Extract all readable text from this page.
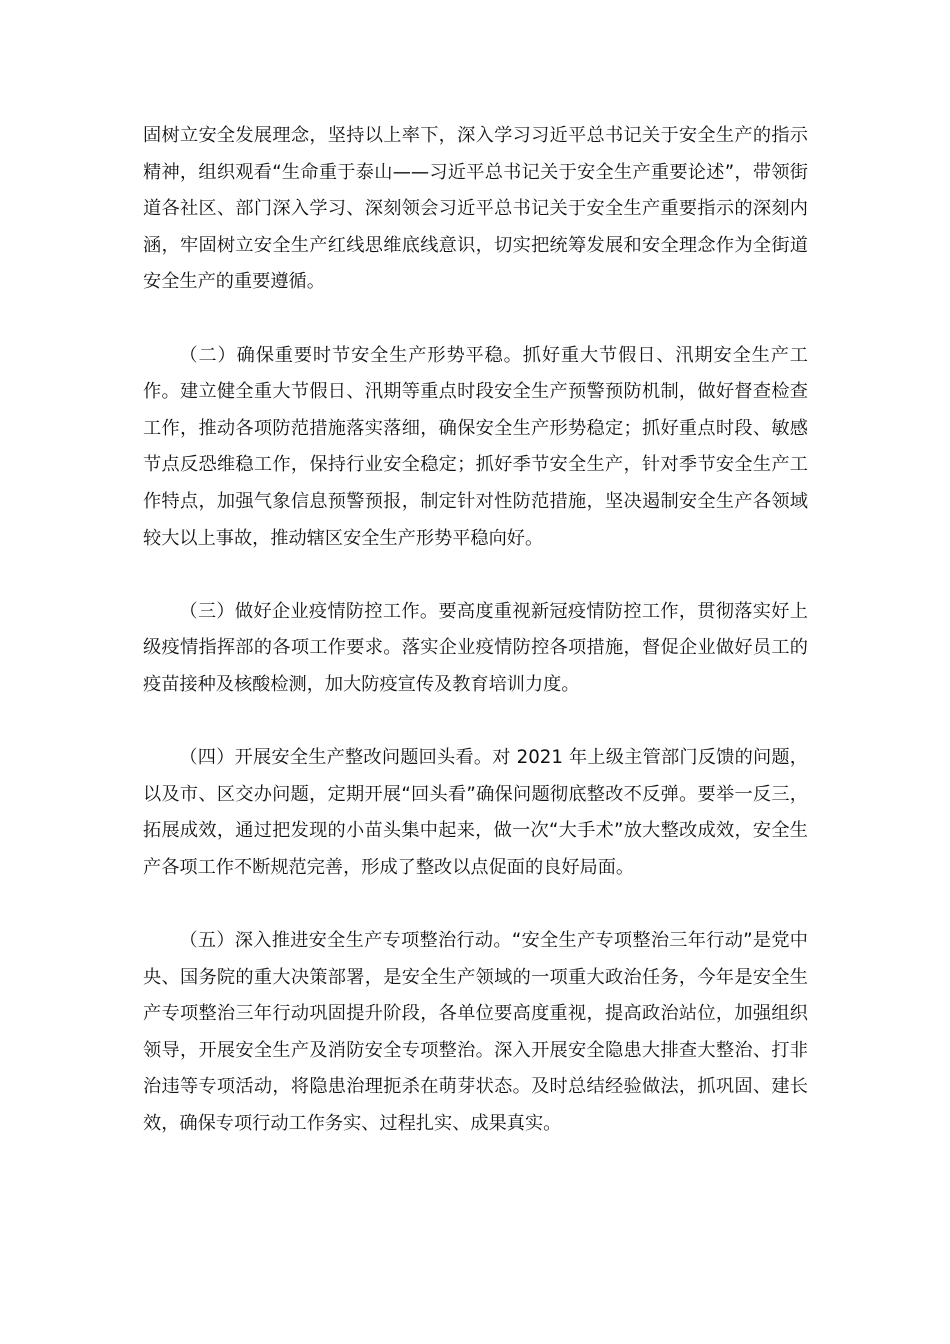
固树立安全发展理念，坚持以上率下，深入学习习近平总书记关于安全生产的指示精神，组织观看“生命重于泰山——习近平总书记关于安全生产重要论述”，带领街道各社区、部门深入学习、深刻领会习近平总书记关于安全生产重要指示的深刻内涵，牢固树立安全生产红线思维底线意识，切实把统筹发展和安全理念作为全街道安全生产的重要遵循。

（二）确保重要时节安全生产形势平稳。抓好重大节假日、汛期安全生产工作。建立健全重大节假日、汛期等重点时段安全生产预警预防机制，做好督查检查工作，推动各项防范措施落实落细，确保安全生产形势稳定；抓好重点时段、敏感节点反恐维稳工作，保持行业安全稳定；抓好季节安全生产，针对季节安全生产工作特点，加强气象信息预警预报，制定针对性防范措施，坚决遏制安全生产各领域较大以上事故，推动辖区安全生产形势平稳向好。

（三）做好企业疫情防控工作。要高度重视新冠疫情防控工作，贯彻落实好上级疫情指挥部的各项工作要求。落实企业疫情防控各项措施，督促企业做好员工的疫苗接种及核酸检测，加大防疫宣传及教育培训力度。

（四）开展安全生产整改问题回头看。对 2021 年上级主管部门反馈的问题，以及市、区交办问题，定期开展“回头看”确保问题彻底整改不反弹。要举一反三，拓展成效，通过把发现的小苗头集中起来，做一次“大手术”放大整改成效，安全生产各项工作不断规范完善，形成了整改以点促面的良好局面。

（五）深入推进安全生产专项整治行动。“安全生产专项整治三年行动”是党中央、国务院的重大决策部署，是安全生产领域的一项重大政治任务，今年是安全生产专项整治三年行动巩固提升阶段，各单位要高度重视，提高政治站位，加强组织领导，开展安全生产及消防安全专项整治。深入开展安全隐患大排查大整治、打非治违等专项活动，将隐患治理扼杀在萌芽状态。及时总结经验做法，抓巩固、建长效，确保专项行动工作务实、过程扎实、成果真实。
